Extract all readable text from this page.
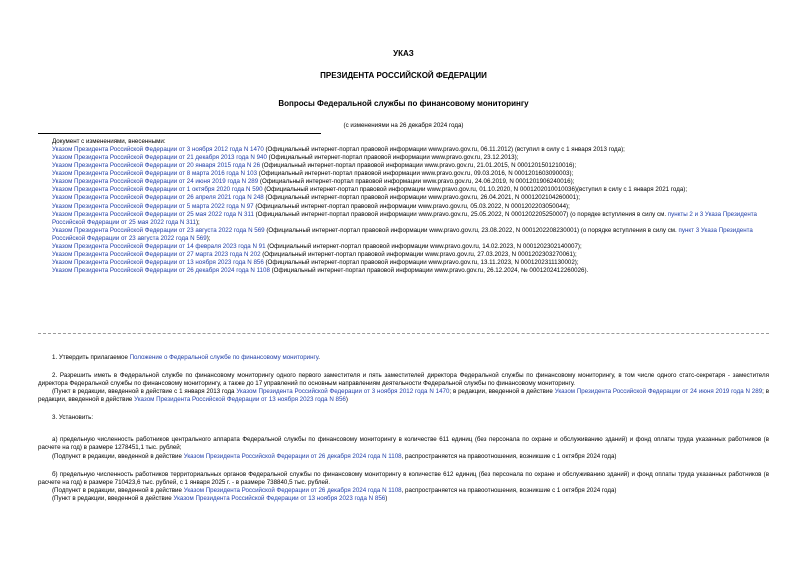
УКАЗ
ПРЕЗИДЕНТА РОССИЙСКОЙ ФЕДЕРАЦИИ
Вопросы Федеральной службы по финансовому мониторингу
(с изменениями на 26 декабря 2024 года)
Документ с изменениями, внесенными:
Указом Президента Российской Федерации от 3 ноября 2012 года N 1470 (Официальный интернет-портал правовой информации www.pravo.gov.ru, 06.11.2012) (вступил в силу с 1 января 2013 года);
Указом Президента Российской Федерации от 21 декабря 2013 года N 940 (Официальный интернет-портал правовой информации www.pravo.gov.ru, 23.12.2013);
Указом Президента Российской Федерации от 20 января 2015 года N 26 (Официальный интернет-портал правовой информации www.pravo.gov.ru, 21.01.2015, N 0001201501210016);
Указом Президента Российской Федерации от 8 марта 2016 года N 103 (Официальный интернет-портал правовой информации www.pravo.gov.ru, 09.03.2016, N 0001201603090003);
Указом Президента Российской Федерации от 24 июня 2019 года N 289 (Официальный интернет-портал правовой информации www.pravo.gov.ru, 24.06.2019, N 0001201906240016);
Указом Президента Российской Федерации от 1 октября 2020 года N 590 (Официальный интернет-портал правовой информации www.pravo.gov.ru, 01.10.2020, N 0001202010010036)(вступил в силу с 1 января 2021 года);
Указом Президента Российской Федерации от 26 апреля 2021 года N 248 (Официальный интернет-портал правовой информации www.pravo.gov.ru, 26.04.2021, N 0001202104260001);
Указом Президента Российской Федерации от 5 марта 2022 года N 97 (Официальный интернет-портал правовой информации www.pravo.gov.ru, 05.03.2022, N 0001202203050044);
Указом Президента Российской Федерации от 25 мая 2022 года N 311 (Официальный интернет-портал правовой информации www.pravo.gov.ru, 25.05.2022, N 0001202205250007) (о порядке вступления в силу см. пункты 2 и 3 Указа Президента Российской Федерации от 25 мая 2022 года N 311);
Указом Президента Российской Федерации от 23 августа 2022 года N 569 (Официальный интернет-портал правовой информации www.pravo.gov.ru, 23.08.2022, N 0001202208230001) (о порядке вступления в силу см. пункт 3 Указа Президента Российской Федерации от 23 августа 2022 года N 569);
Указом Президента Российской Федерации от 14 февраля 2023 года N 91 (Официальный интернет-портал правовой информации www.pravo.gov.ru, 14.02.2023, N 0001202302140007);
Указом Президента Российской Федерации от 27 марта 2023 года N 202 (Официальный интернет-портал правовой информации www.pravo.gov.ru, 27.03.2023, N 0001202303270061);
Указом Президента Российской Федерации от 13 ноября 2023 года N 856 (Официальный интернет-портал правовой информации www.pravo.gov.ru, 13.11.2023, N 0001202311130002);
Указом Президента Российской Федерации от 26 декабря 2024 года N 1108 (Официальный интернет-портал правовой информации www.pravo.gov.ru, 26.12.2024, № 0001202412260026).

1. Утвердить прилагаемое Положение о Федеральной службе по финансовому мониторингу.

2. Разрешить иметь в Федеральной службе по финансовому мониторингу одного первого заместителя и пять заместителей директора Федеральной службы по финансовому мониторингу, в том числе одного статс-секретаря - заместителя директора Федеральной службы по финансовому мониторингу, а также до 17 управлений по основным направлениям деятельности Федеральной службы по финансовому мониторингу.

(Пункт в редакции, введенной в действие с 1 января 2013 года Указом Президента Российской Федерации от 3 ноября 2012 года N 1470; в редакции, введенной в действие Указом Президента Российской Федерации от 24 июня 2019 года N 289; в редакции, введенной в действие Указом Президента Российской Федерации от 13 ноября 2023 года N 856)

3. Установить:

а) предельную численность работников центрального аппарата Федеральной службы по финансовому мониторингу в количестве 611 единиц (без персонала по охране и обслуживанию зданий) и фонд оплаты труда указанных работников (в расчете на год) в размере 1278451,1 тыс. рублей;

(Подпункт в редакции, введенной в действие Указом Президента Российской Федерации от 26 декабря 2024 года N 1108, распространяется на правоотношения, возникшие с 1 октября 2024 года)

б) предельную численность работников территориальных органов Федеральной службы по финансовому мониторингу в количестве 612 единиц (без персонала по охране и обслуживанию зданий) и фонд оплаты труда указанных работников (в расчете на год) в размере 710423,6 тыс. рублей, с 1 января 2025 г. - в размере 738840,5 тыс. рублей.

(Подпункт в редакции, введенной в действие Указом Президента Российской Федерации от 26 декабря 2024 года N 1108, распространяется на правоотношения, возникшие с 1 октября 2024 года)

(Пункт в редакции, введенной в действие Указом Президента Российской Федерации от 13 ноября 2023 года N 856)
